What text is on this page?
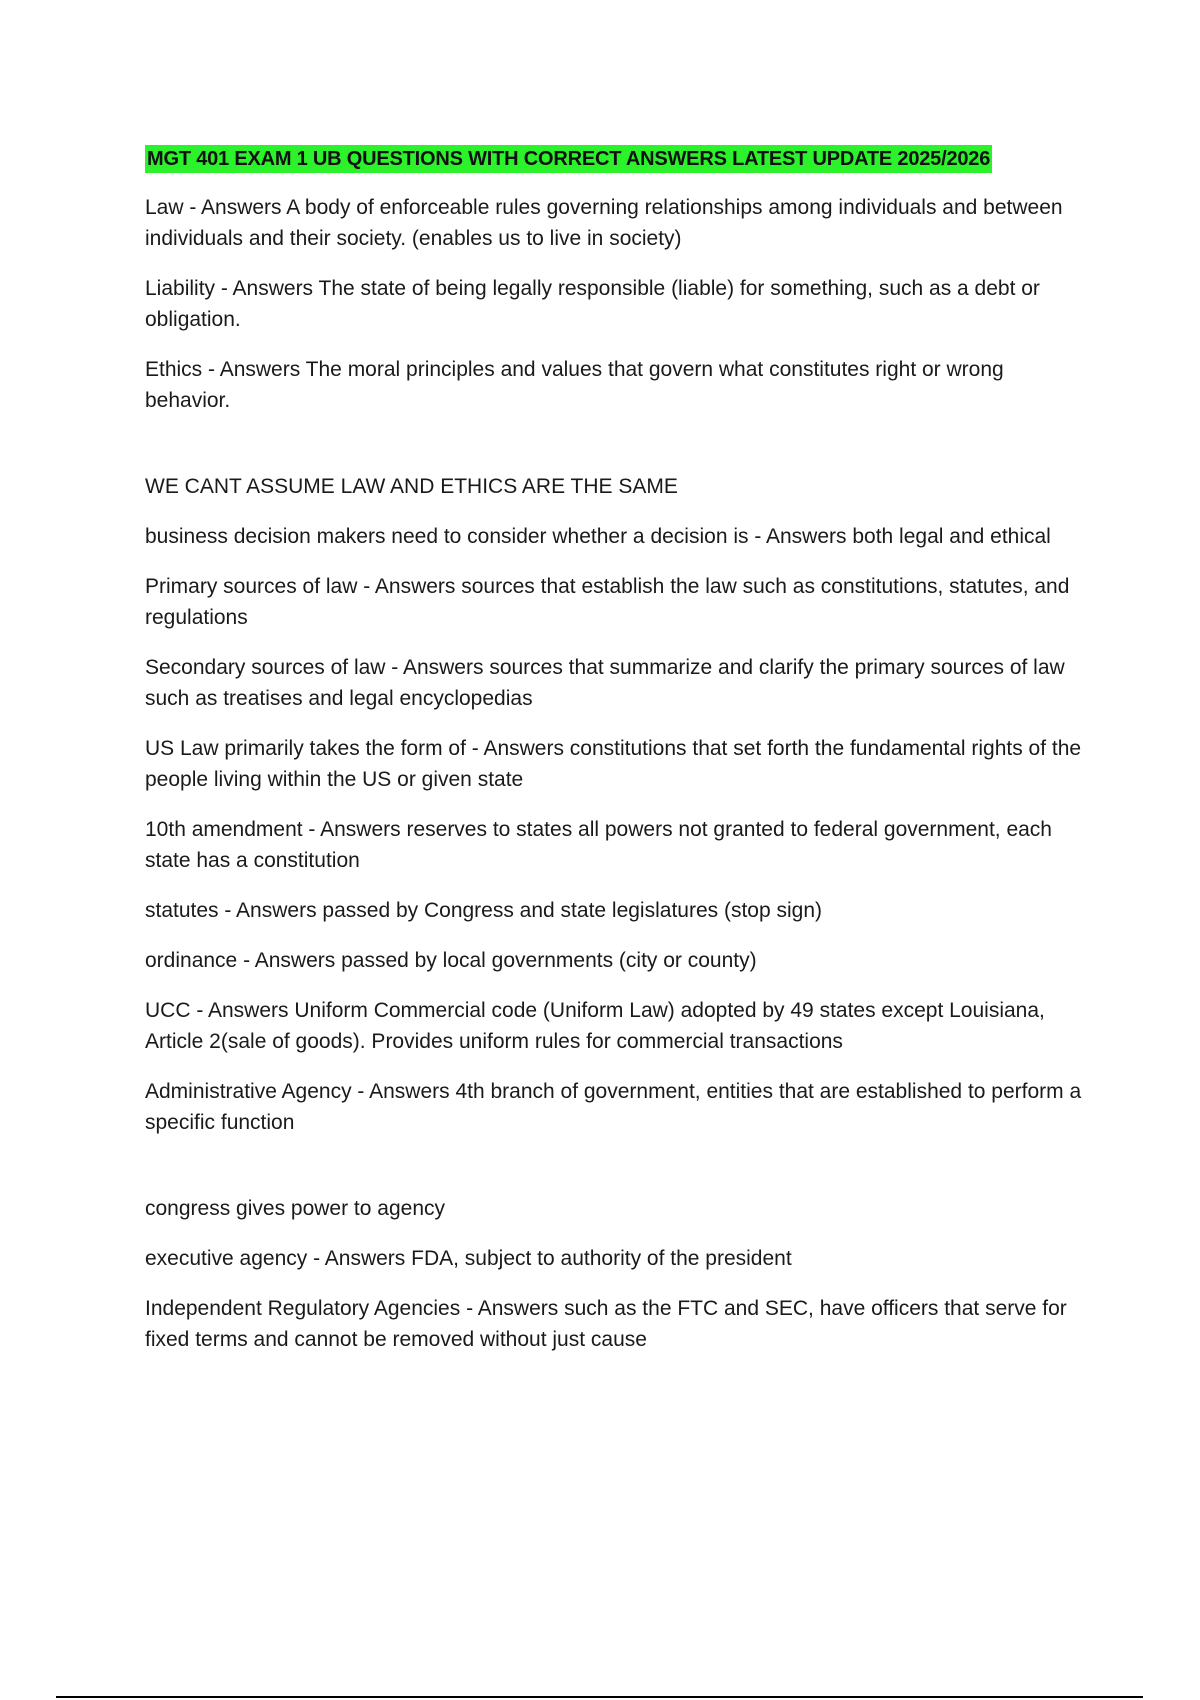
MGT 401 EXAM 1 UB QUESTIONS WITH CORRECT ANSWERS LATEST UPDATE 2025/2026

Law - Answers A body of enforceable rules governing relationships among individuals and between individuals and their society. (enables us to live in society)

Liability - Answers The state of being legally responsible (liable) for something, such as a debt or obligation.

Ethics - Answers The moral principles and values that govern what constitutes right or wrong behavior.

WE CANT ASSUME LAW AND ETHICS ARE THE SAME

business decision makers need to consider whether a decision is - Answers both legal and ethical

Primary sources of law - Answers sources that establish the law such as constitutions, statutes, and regulations

Secondary sources of law - Answers sources that summarize and clarify the primary sources of law such as treatises and legal encyclopedias

US Law primarily takes the form of - Answers constitutions that set forth the fundamental rights of the people living within the US or given state

10th amendment - Answers reserves to states all powers not granted to federal government, each state has a constitution

statutes - Answers passed by Congress and state legislatures (stop sign)

ordinance - Answers passed by local governments (city or county)

UCC - Answers Uniform Commercial code (Uniform Law) adopted by 49 states except Louisiana, Article 2(sale of goods). Provides uniform rules for commercial transactions

Administrative Agency - Answers 4th branch of government, entities that are established to perform a specific function

congress gives power to agency

executive agency - Answers FDA, subject to authority of the president

Independent Regulatory Agencies - Answers such as the FTC and SEC, have officers that serve for fixed terms and cannot be removed without just cause
